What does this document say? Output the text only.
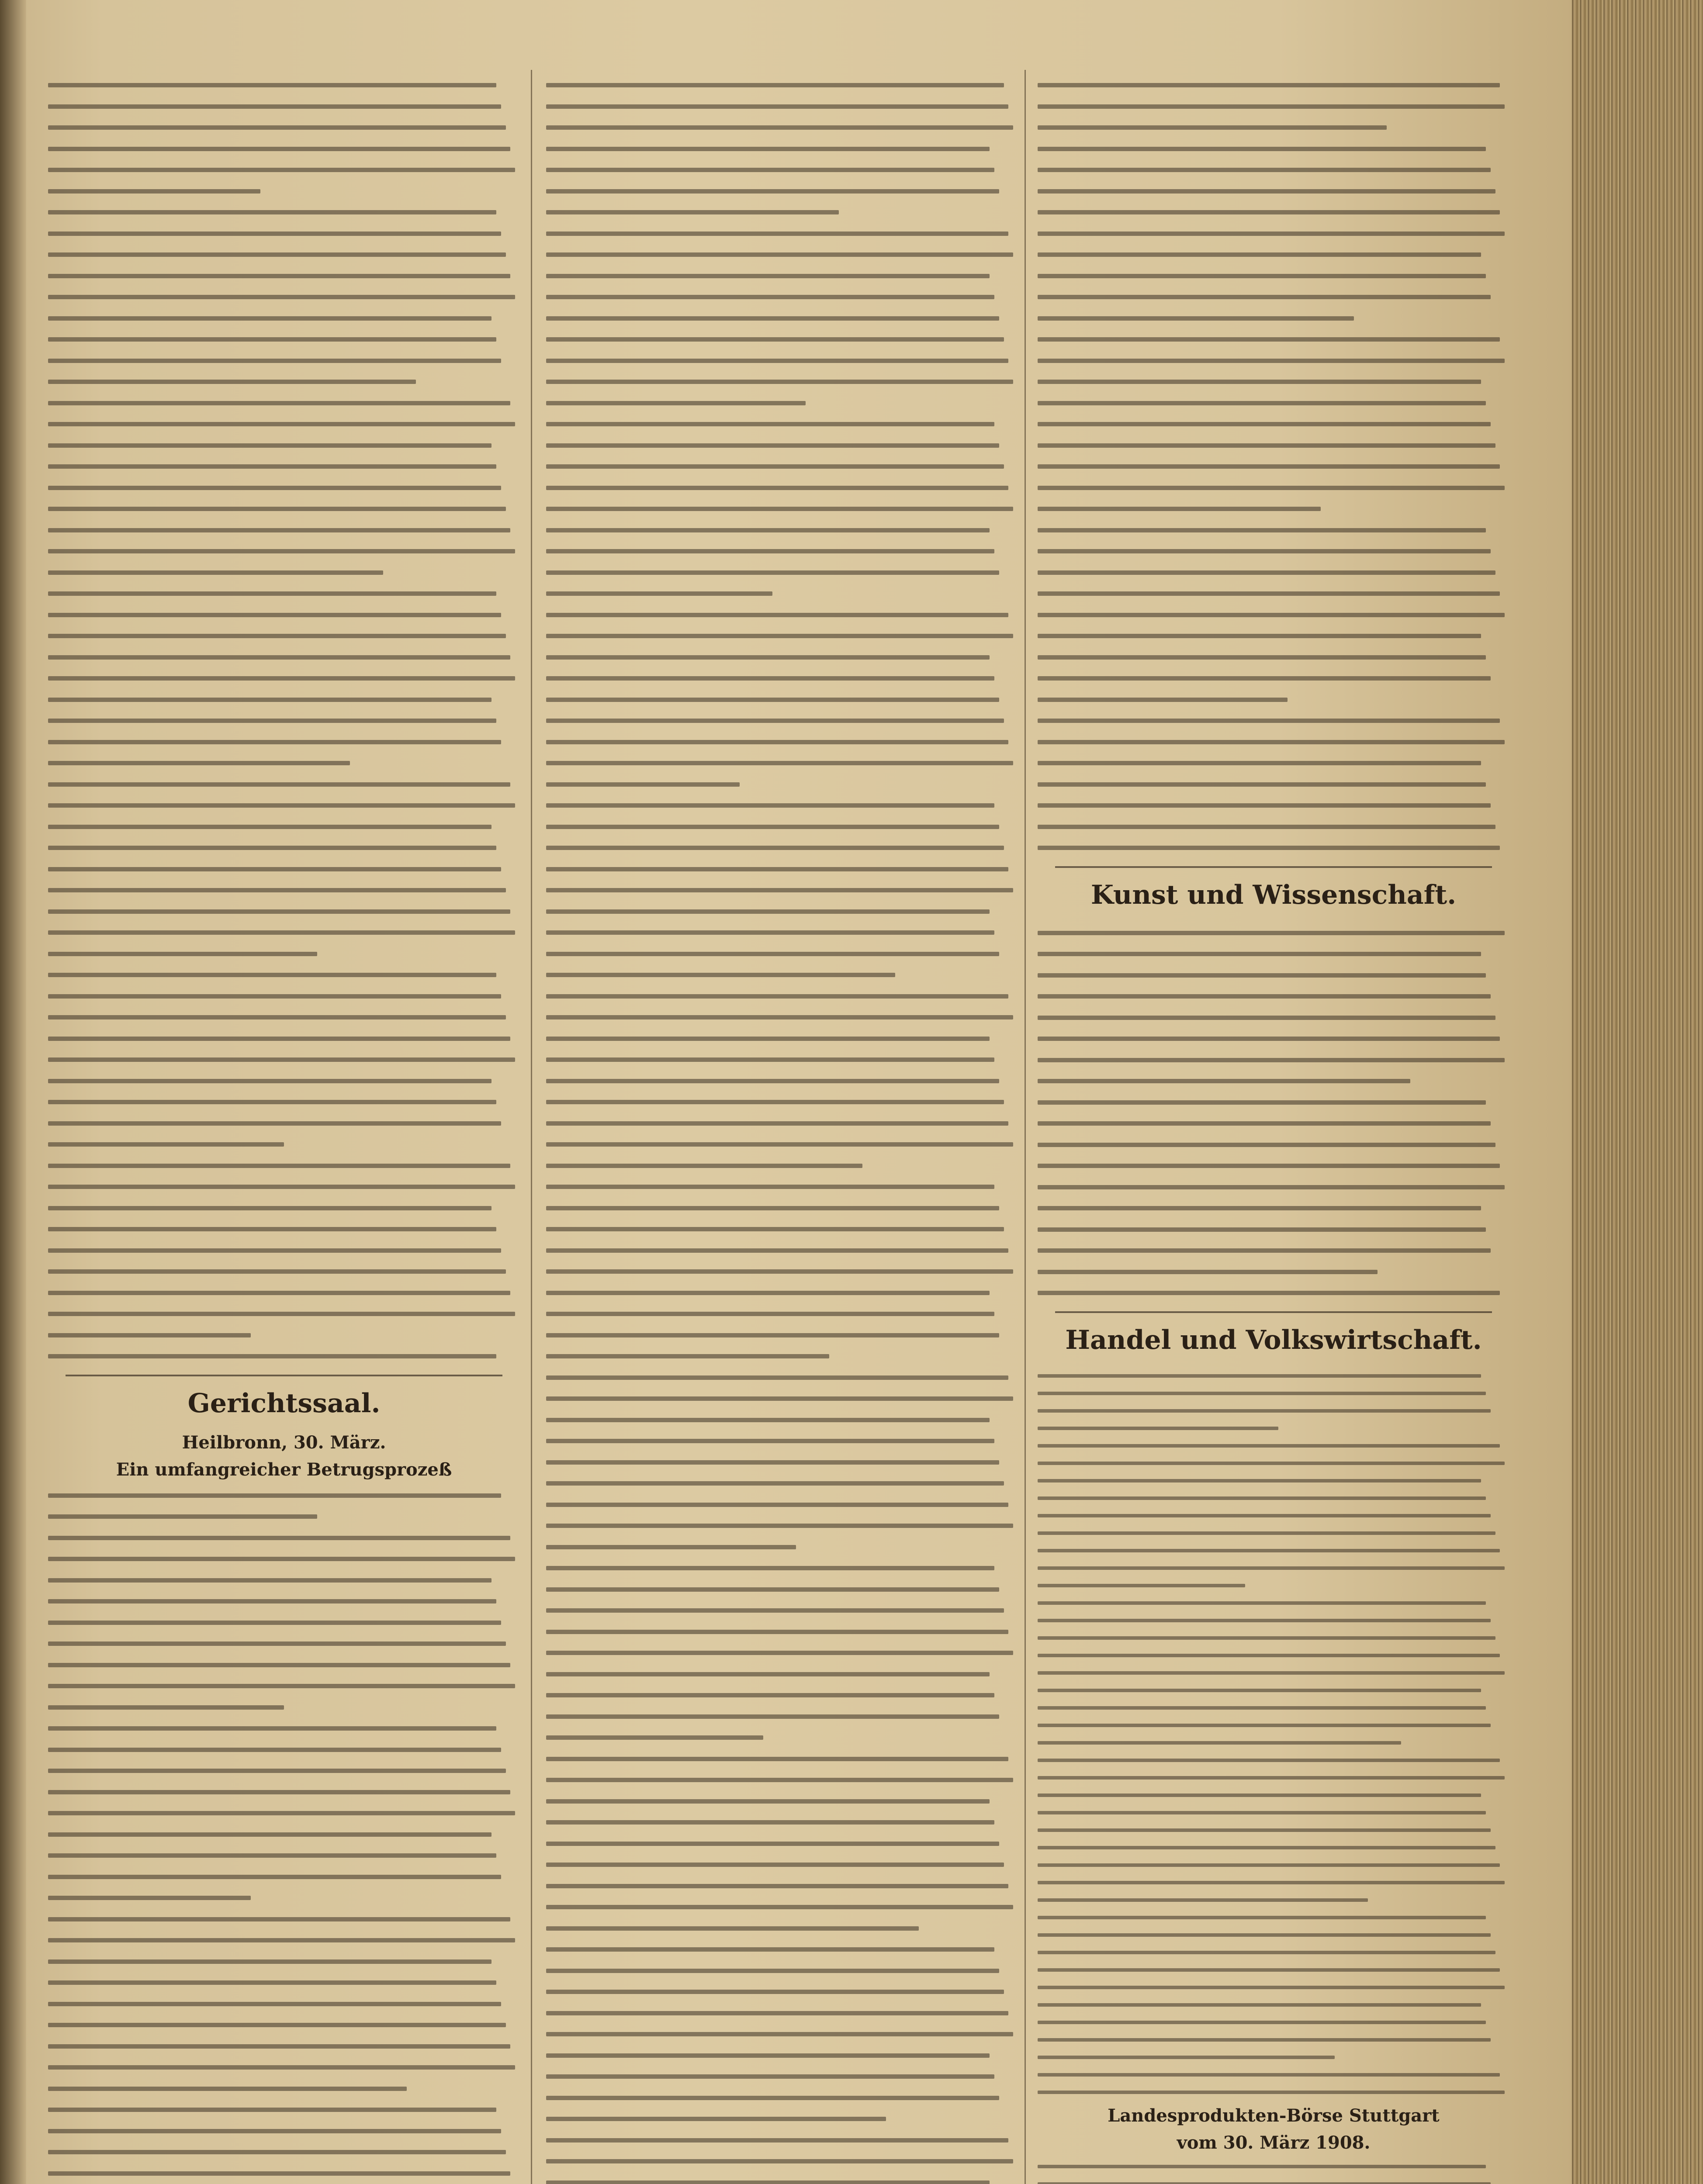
Gerichtssaal.
Heilbronn, 30. März.
Ein umfangreicher Betrugsprozeß
Kunst und Wissenschaft.
Handel und Volkswirtschaft.
Landesprodukten-Börse Stuttgart
vom 30. März 1908.
